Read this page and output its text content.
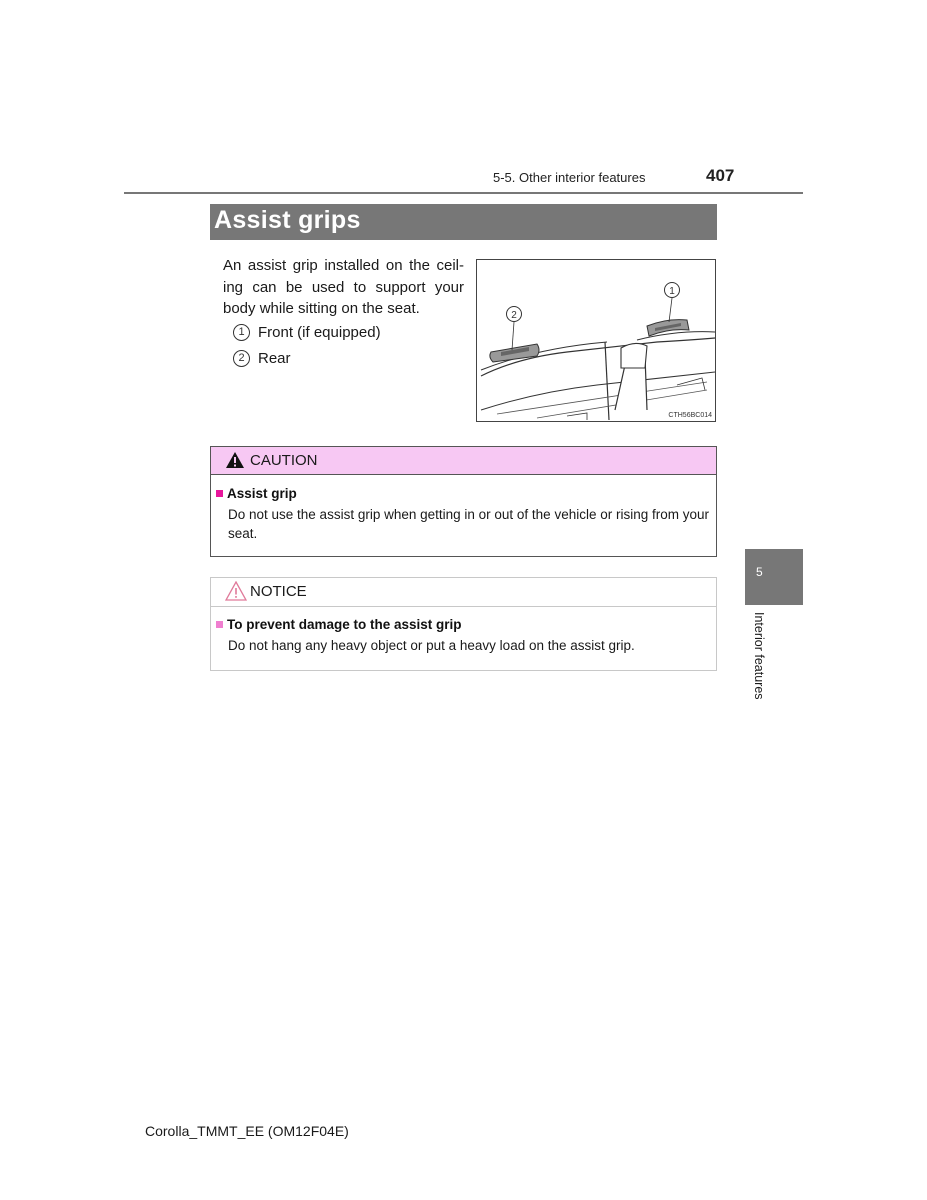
5-5. Other interior features	407
Assist grips
An assist grip installed on the ceil-ing can be used to support your body while sitting on the seat.
1 Front (if equipped)
2 Rear
2
1
CTH56BC014
CAUTION
Assist grip
Do not use the assist grip when getting in or out of the vehicle or rising from your seat.
NOTICE
To prevent damage to the assist grip
Do not hang any heavy object or put a heavy load on the assist grip.
5
Interior features
Corolla_TMMT_EE (OM12F04E)
